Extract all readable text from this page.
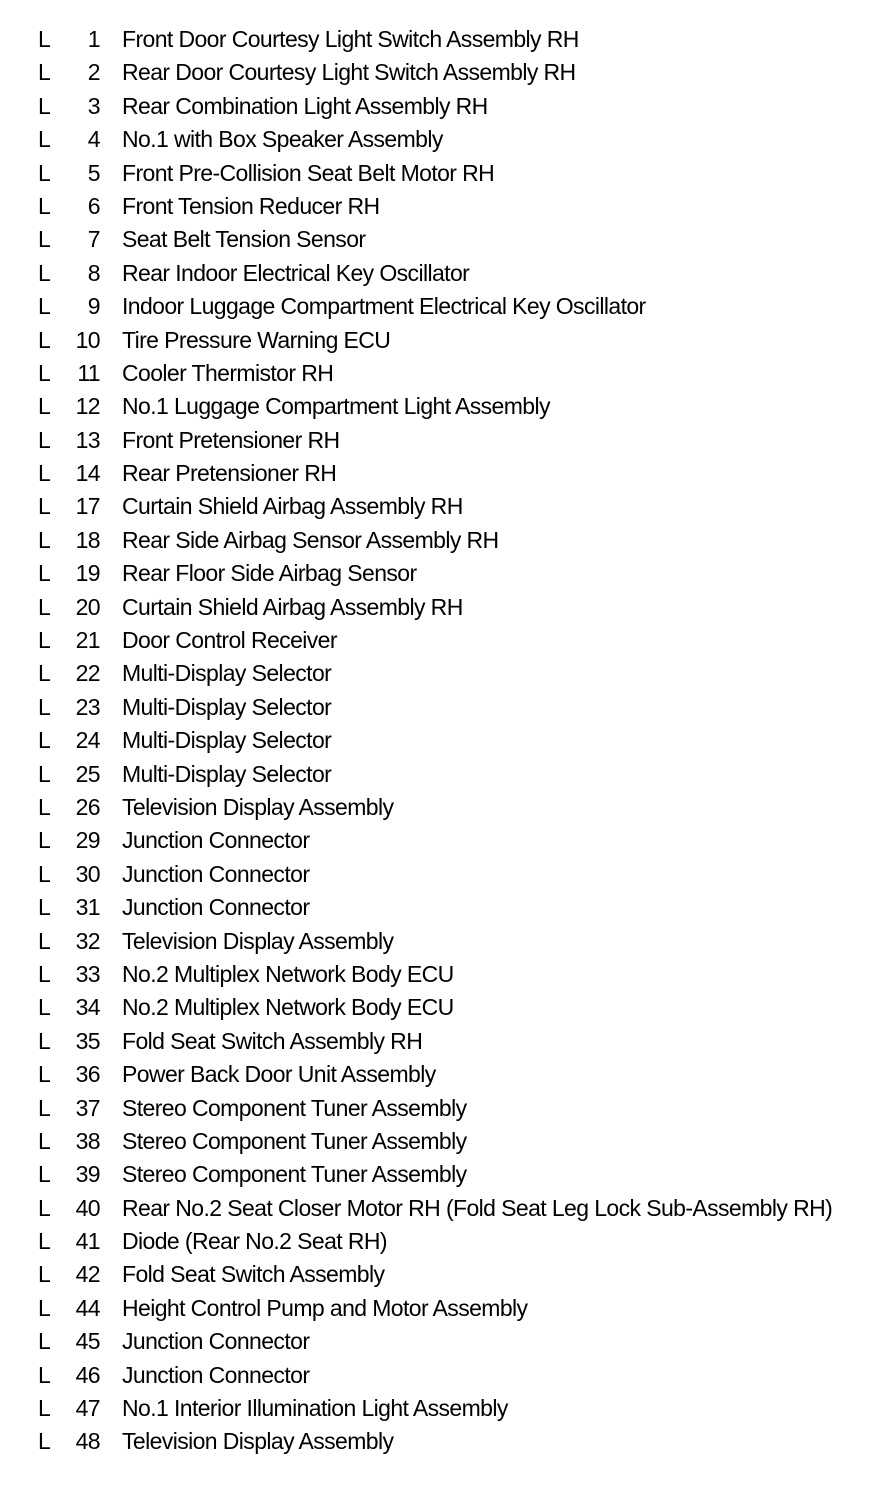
L	1 Front Door Courtesy Light Switch Assembly RH
L	2 Rear Door Courtesy Light Switch Assembly RH
L	3 Rear Combination Light Assembly RH
L	4 No.1 with Box Speaker Assembly
L	5 Front Pre-Collision Seat Belt Motor RH
L	6 Front Tension Reducer RH
L	7 Seat Belt Tension Sensor
L	8 Rear Indoor Electrical Key Oscillator
L	9 Indoor Luggage Compartment Electrical Key Oscillator
L	10 Tire Pressure Warning ECU
L	11 Cooler Thermistor RH
L	12 No.1 Luggage Compartment Light Assembly
L	13 Front Pretensioner RH
L	14 Rear Pretensioner RH
L	17 Curtain Shield Airbag Assembly RH
L	18 Rear Side Airbag Sensor Assembly RH
L	19 Rear Floor Side Airbag Sensor
L	20 Curtain Shield Airbag Assembly RH
L	21 Door Control Receiver
L	22 Multi-Display Selector
L	23 Multi-Display Selector
L	24 Multi-Display Selector
L	25 Multi-Display Selector
L	26 Television Display Assembly
L	29 Junction Connector
L	30 Junction Connector
L	31 Junction Connector
L	32 Television Display Assembly
L	33 No.2 Multiplex Network Body ECU
L	34 No.2 Multiplex Network Body ECU
L	35 Fold Seat Switch Assembly RH
L	36 Power Back Door Unit Assembly
L	37 Stereo Component Tuner Assembly
L	38 Stereo Component Tuner Assembly
L	39 Stereo Component Tuner Assembly
L	40 Rear No.2 Seat Closer Motor RH (Fold Seat Leg Lock Sub-Assembly RH)
L	41 Diode (Rear No.2 Seat RH)
L	42 Fold Seat Switch Assembly
L	44 Height Control Pump and Motor Assembly
L	45 Junction Connector
L	46 Junction Connector
L	47 No.1 Interior Illumination Light Assembly
L	48 Television Display Assembly
